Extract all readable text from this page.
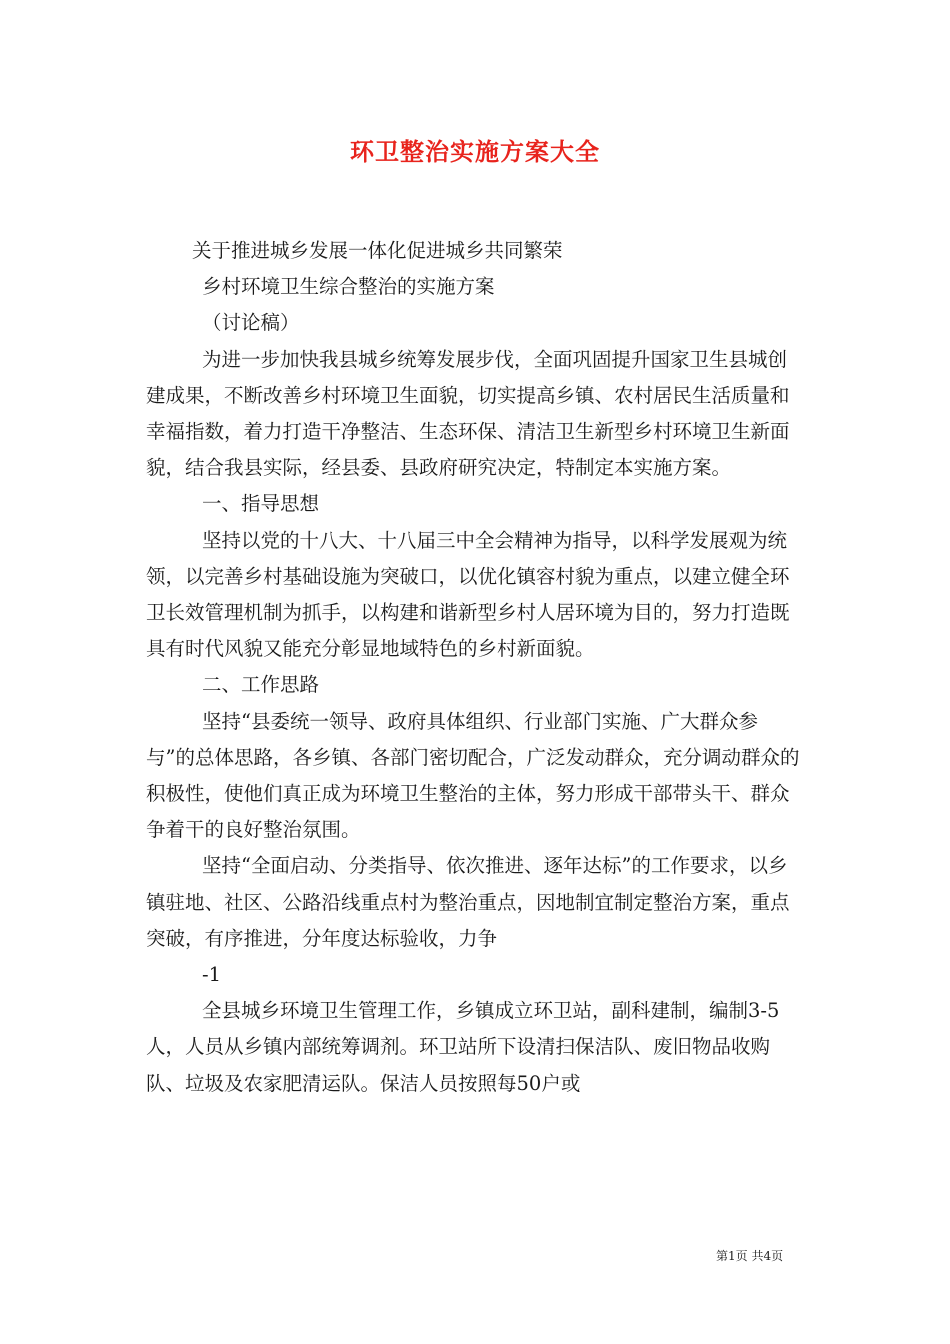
环卫整治实施方案大全

关于推进城乡发展一体化促进城乡共同繁荣

乡村环境卫生综合整治的实施方案

（讨论稿）

为进一步加快我县城乡统筹发展步伐，全面巩固提升国家卫生县城创建成果，不断改善乡村环境卫生面貌，切实提高乡镇、农村居民生活质量和幸福指数，着力打造干净整洁、生态环保、清洁卫生新型乡村环境卫生新面貌，结合我县实际，经县委、县政府研究决定，特制定本实施方案。

一、指导思想

坚持以党的十八大、十八届三中全会精神为指导，以科学发展观为统领，以完善乡村基础设施为突破口，以优化镇容村貌为重点，以建立健全环卫长效管理机制为抓手，以构建和谐新型乡村人居环境为目的，努力打造既具有时代风貌又能充分彰显地域特色的乡村新面貌。

二、工作思路

坚持“县委统一领导、政府具体组织、行业部门实施、广大群众参与”的总体思路，各乡镇、各部门密切配合，广泛发动群众，充分调动群众的积极性，使他们真正成为环境卫生整治的主体，努力形成干部带头干、群众争着干的良好整治氛围。

坚持“全面启动、分类指导、依次推进、逐年达标”的工作要求，以乡镇驻地、社区、公路沿线重点村为整治重点，因地制宜制定整治方案，重点突破，有序推进，分年度达标验收，力争

-1

全县城乡环境卫生管理工作，乡镇成立环卫站，副科建制，编制3-5人，人员从乡镇内部统筹调剂。环卫站所下设清扫保洁队、废旧物品收购队、垃圾及农家肥清运队。保洁人员按照每50户或

第1页 共4页
